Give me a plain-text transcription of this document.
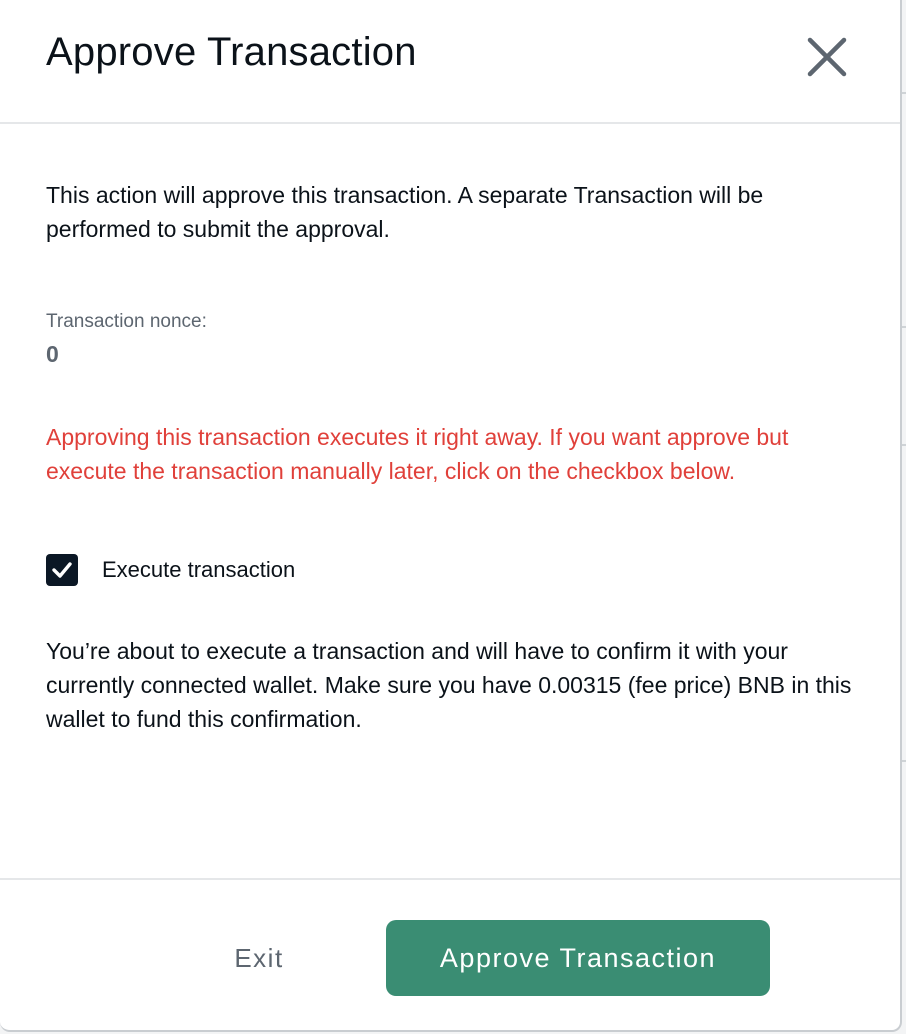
Approve Transaction

This action will approve this transaction. A separate Transaction will be performed to submit the approval.

Transaction nonce:
0
Approving this transaction executes it right away. If you want approve but execute the transaction manually later, click on the checkbox below.
Execute transaction
You’re about to execute a transaction and will have to confirm it with your currently connected wallet. Make sure you have 0.00315 (fee price) BNB in this wallet to fund this confirmation.
Exit	Approve Transaction
